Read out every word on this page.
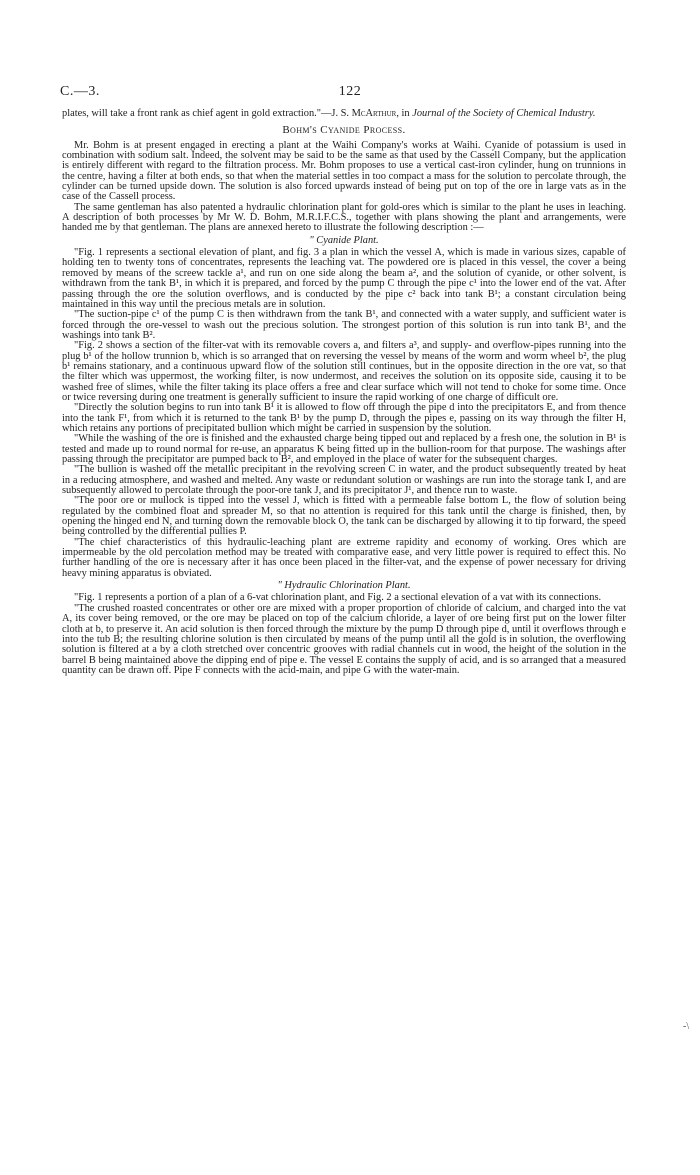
C.—3.	122

plates, will take a front rank as chief agent in gold extraction."—J. S. McArthur, in Journal of the Society of Chemical Industry.

Bohm's Cyanide Process.

Mr. Bohm is at present engaged in erecting a plant at the Waihi Company's works at Waihi. Cyanide of potassium is used in combination with sodium salt. Indeed, the solvent may be said to be the same as that used by the Cassell Company, but the application is entirely different with regard to the filtration process. Mr. Bohm proposes to use a vertical cast-iron cylinder, hung on trunnions in the centre, having a filter at both ends, so that when the material settles in too compact a mass for the solution to percolate through, the cylinder can be turned upside down. The solution is also forced upwards instead of being put on top of the ore in large vats as in the case of the Cassell process.

The same gentleman has also patented a hydraulic chlorination plant for gold-ores which is similar to the plant he uses in leaching. A description of both processes by Mr W. D. Bohm, M.R.I.F.C.S., together with plans showing the plant and arrangements, were handed me by that gentleman. The plans are annexed hereto to illustrate the following description :—

" Cyanide Plant.

"Fig. 1 represents a sectional elevation of plant, and fig. 3 a plan in which the vessel A, which is made in various sizes, capable of holding ten to twenty tons of concentrates, represents the leaching vat. The powdered ore is placed in this vessel, the cover a being removed by means of the screew tackle a¹, and run on one side along the beam a², and the solution of cyanide, or other solvent, is withdrawn from the tank B¹, in which it is prepared, and forced by the pump C through the pipe c¹ into the lower end of the vat. After passing through the ore the solution overflows, and is conducted by the pipe c² back into tank B¹; a constant circulation being maintained in this way until the precious metals are in solution.

"The suction-pipe c¹ of the pump C is then withdrawn from the tank B¹, and connected with a water supply, and sufficient water is forced through the ore-vessel to wash out the precious solution. The strongest portion of this solution is run into tank B¹, and the washings into tank B².

"Fig. 2 shows a section of the filter-vat with its removable covers a, and filters a³, and supply- and overflow-pipes running into the plug b¹ of the hollow trunnion b, which is so arranged that on reversing the vessel by means of the worm and worm wheel b², the plug b¹ remains stationary, and a continuous upward flow of the solution still continues, but in the opposite direction in the ore vat, so that the filter which was uppermost, the working filter, is now undermost, and receives the solution on its opposite side, causing it to be washed free of slimes, while the filter taking its place offers a free and clear surface which will not tend to choke for some time. Once or twice reversing during one treatment is generally sufficient to insure the rapid working of one charge of difficult ore.

"Directly the solution begins to run into tank B¹ it is allowed to flow off through the pipe d into the precipitators E, and from thence into the tank F¹, from which it is returned to the tank B¹ by the pump D, through the pipes e, passing on its way through the filter H, which retains any portions of precipitated bullion which might be carried in suspension by the solution.

"While the washing of the ore is finished and the exhausted charge being tipped out and replaced by a fresh one, the solution in B¹ is tested and made up to round normal for re-use, an apparatus K being fitted up in the bullion-room for that purpose. The washings after passing through the precipitator are pumped back to B², and employed in the place of water for the subsequent charges.

"The bullion is washed off the metallic precipitant in the revolving screen C in water, and the product subsequently treated by heat in a reducing atmosphere, and washed and melted. Any waste or redundant solution or washings are run into the storage tank I, and are subsequently allowed to percolate through the poor-ore tank J, and its precipitator J¹, and thence run to waste.

"The poor ore or mullock is tipped into the vessel J, which is fitted with a permeable false bottom L, the flow of solution being regulated by the combined float and spreader M, so that no attention is required for this tank until the charge is finished, then, by opening the hinged end N, and turning down the removable block O, the tank can be discharged by allowing it to tip forward, the speed being controlled by the differential pullies P.

"The chief characteristics of this hydraulic-leaching plant are extreme rapidity and economy of working. Ores which are impermeable by the old percolation method may be treated with comparative ease, and very little power is required to effect this. No further handling of the ore is necessary after it has once been placed in the filter-vat, and the expense of power necessary for driving heavy mining apparatus is obviated.

" Hydraulic Chlorination Plant.

"Fig. 1 represents a portion of a plan of a 6-vat chlorination plant, and Fig. 2 a sectional elevation of a vat with its connections.

"The crushed roasted concentrates or other ore are mixed with a proper proportion of chloride of calcium, and charged into the vat A, its cover being removed, or the ore may be placed on top of the calcium chloride, a layer of ore being first put on the lower filter cloth at b, to preserve it. An acid solution is then forced through the mixture by the pump D through pipe d, until it overflows through e into the tub B; the resulting chlorine solution is then circulated by means of the pump until all the gold is in solution, the overflowing solution is filtered at a by a cloth stretched over concentric grooves with radial channels cut in wood, the height of the solution in the barrel B being maintained above the dipping end of pipe e. The vessel E contains the supply of acid, and is so arranged that a measured quantity can be drawn off. Pipe F connects with the acid-main, and pipe G with the water-main.

-\
